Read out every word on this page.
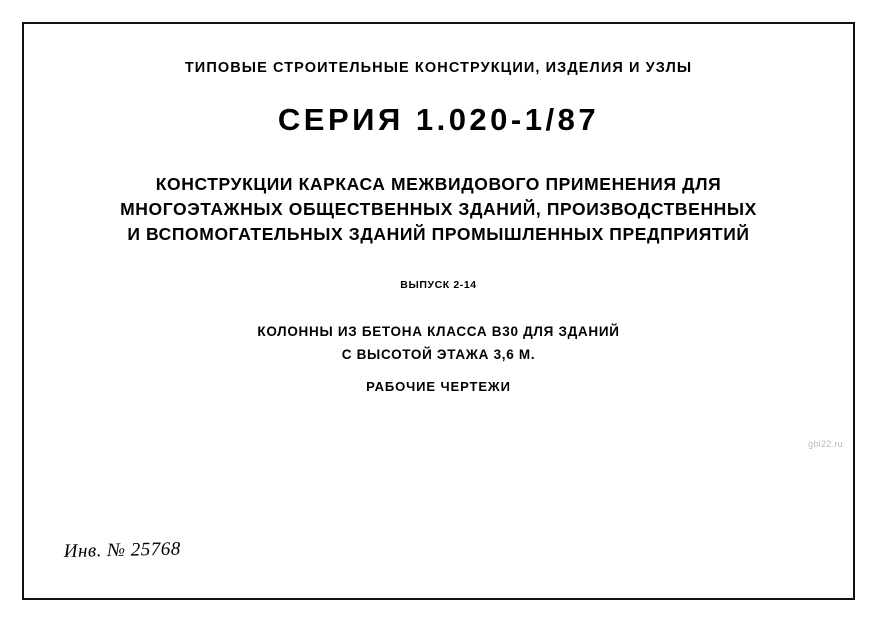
ТИПОВЫЕ СТРОИТЕЛЬНЫЕ КОНСТРУКЦИИ, ИЗДЕЛИЯ И УЗЛЫ
СЕРИЯ 1.020-1/87
КОНСТРУКЦИИ КАРКАСА МЕЖВИДОВОГО ПРИМЕНЕНИЯ ДЛЯ
МНОГОЭТАЖНЫХ ОБЩЕСТВЕННЫХ ЗДАНИЙ, ПРОИЗВОДСТВЕННЫХ
И ВСПОМОГАТЕЛЬНЫХ ЗДАНИЙ ПРОМЫШЛЕННЫХ ПРЕДПРИЯТИЙ
ВЫПУСК 2-14
КОЛОННЫ ИЗ БЕТОНА КЛАССА В30 ДЛЯ ЗДАНИЙ
С ВЫСОТОЙ ЭТАЖА 3,6 М.
РАБОЧИЕ ЧЕРТЕЖИ
gbi22.ru
Инв. № 25768
